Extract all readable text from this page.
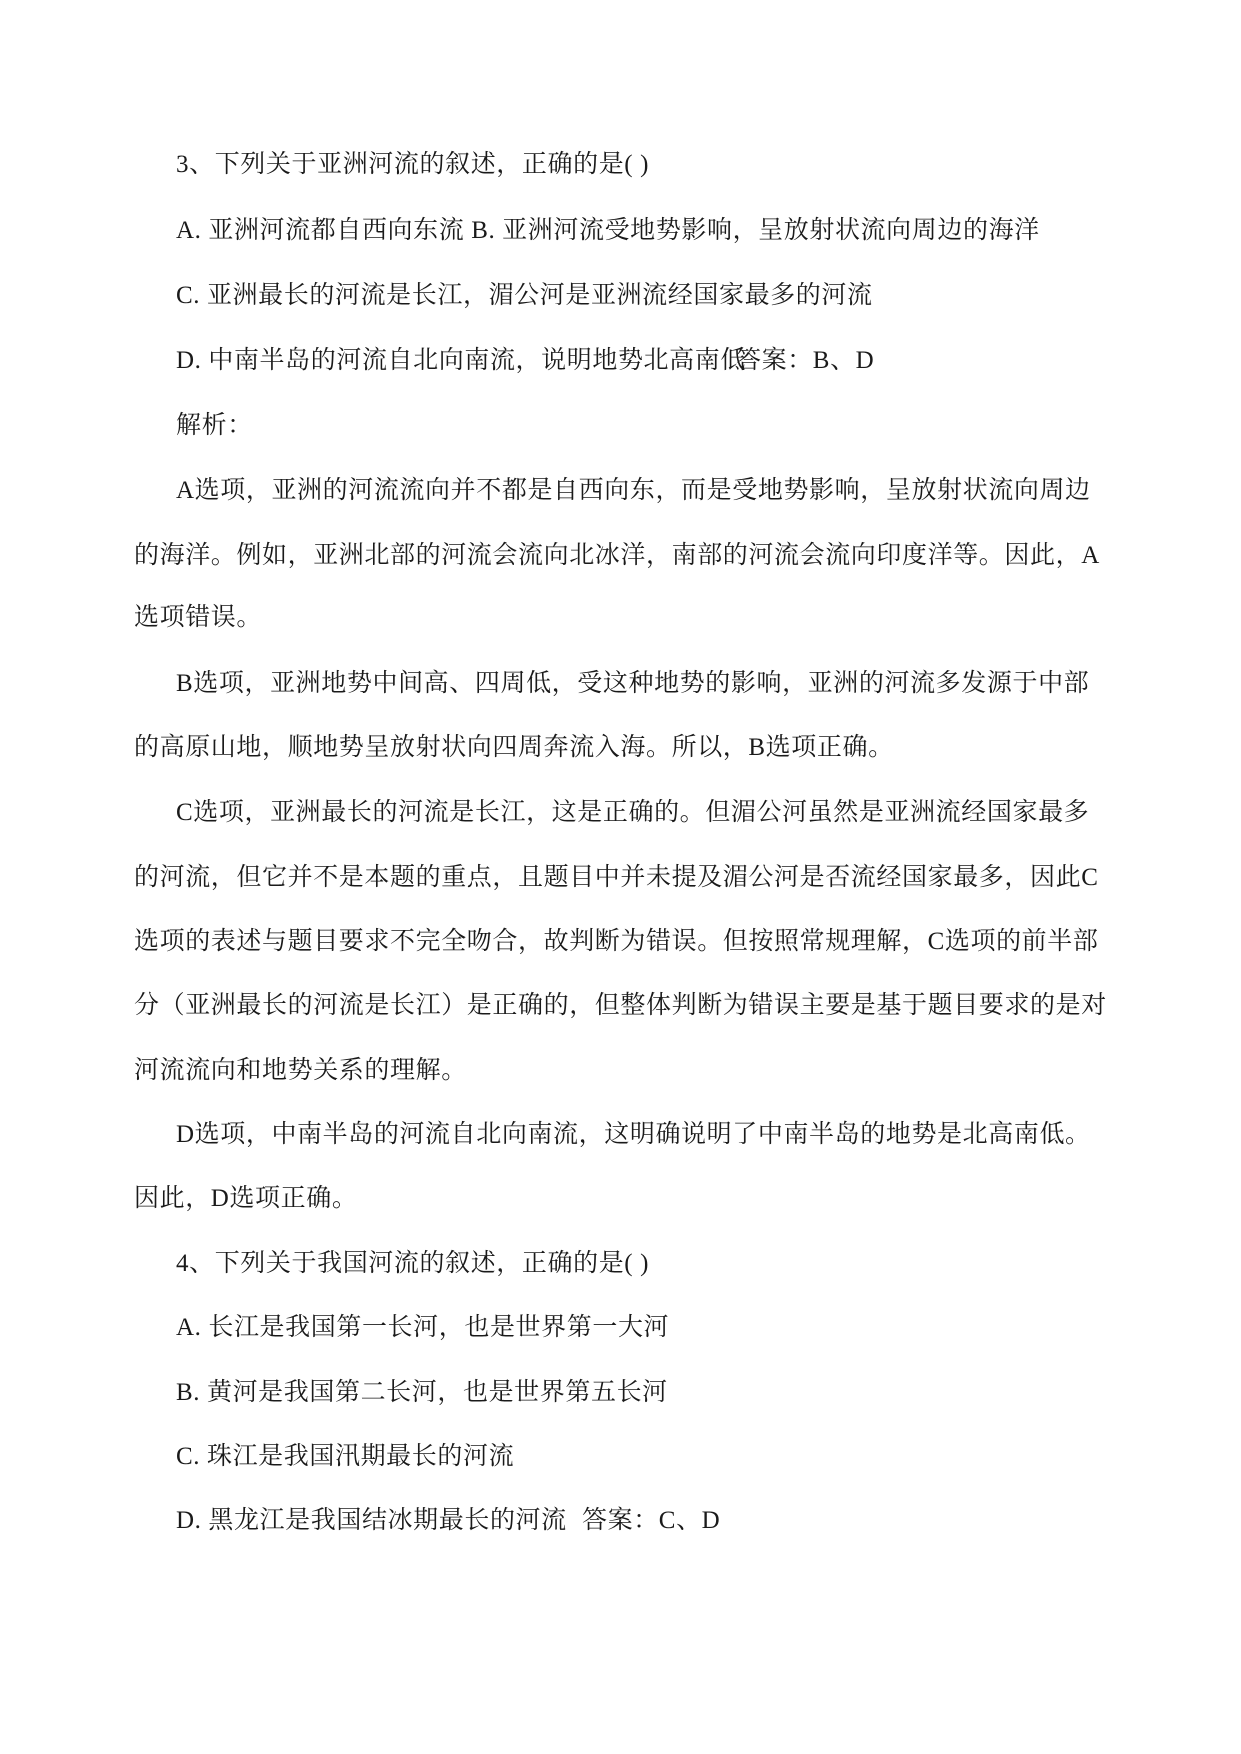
3、下列关于亚洲河流的叙述，正确的是( )
A. 亚洲河流都自西向东流 B. 亚洲河流受地势影响，呈放射状流向周边的海洋
C. 亚洲最长的河流是长江，湄公河是亚洲流经国家最多的河流
D. 中南半岛的河流自北向南流，说明地势北高南低
答案：B、D
解析：
A选项，亚洲的河流流向并不都是自西向东，而是受地势影响，呈放射状流向周边
的海洋。例如，亚洲北部的河流会流向北冰洋，南部的河流会流向印度洋等。因此，A
选项错误。
B选项，亚洲地势中间高、四周低，受这种地势的影响，亚洲的河流多发源于中部
的高原山地，顺地势呈放射状向四周奔流入海。所以，B选项正确。
C选项，亚洲最长的河流是长江，这是正确的。但湄公河虽然是亚洲流经国家最多
的河流，但它并不是本题的重点，且题目中并未提及湄公河是否流经国家最多，因此C
选项的表述与题目要求不完全吻合，故判断为错误。但按照常规理解，C选项的前半部
分（亚洲最长的河流是长江）是正确的，但整体判断为错误主要是基于题目要求的是对
河流流向和地势关系的理解。
D选项，中南半岛的河流自北向南流，这明确说明了中南半岛的地势是北高南低。
因此，D选项正确。
4、下列关于我国河流的叙述，正确的是( )
A. 长江是我国第一长河，也是世界第一大河
B. 黄河是我国第二长河，也是世界第五长河
C. 珠江是我国汛期最长的河流
D. 黑龙江是我国结冰期最长的河流 答案：C、D
